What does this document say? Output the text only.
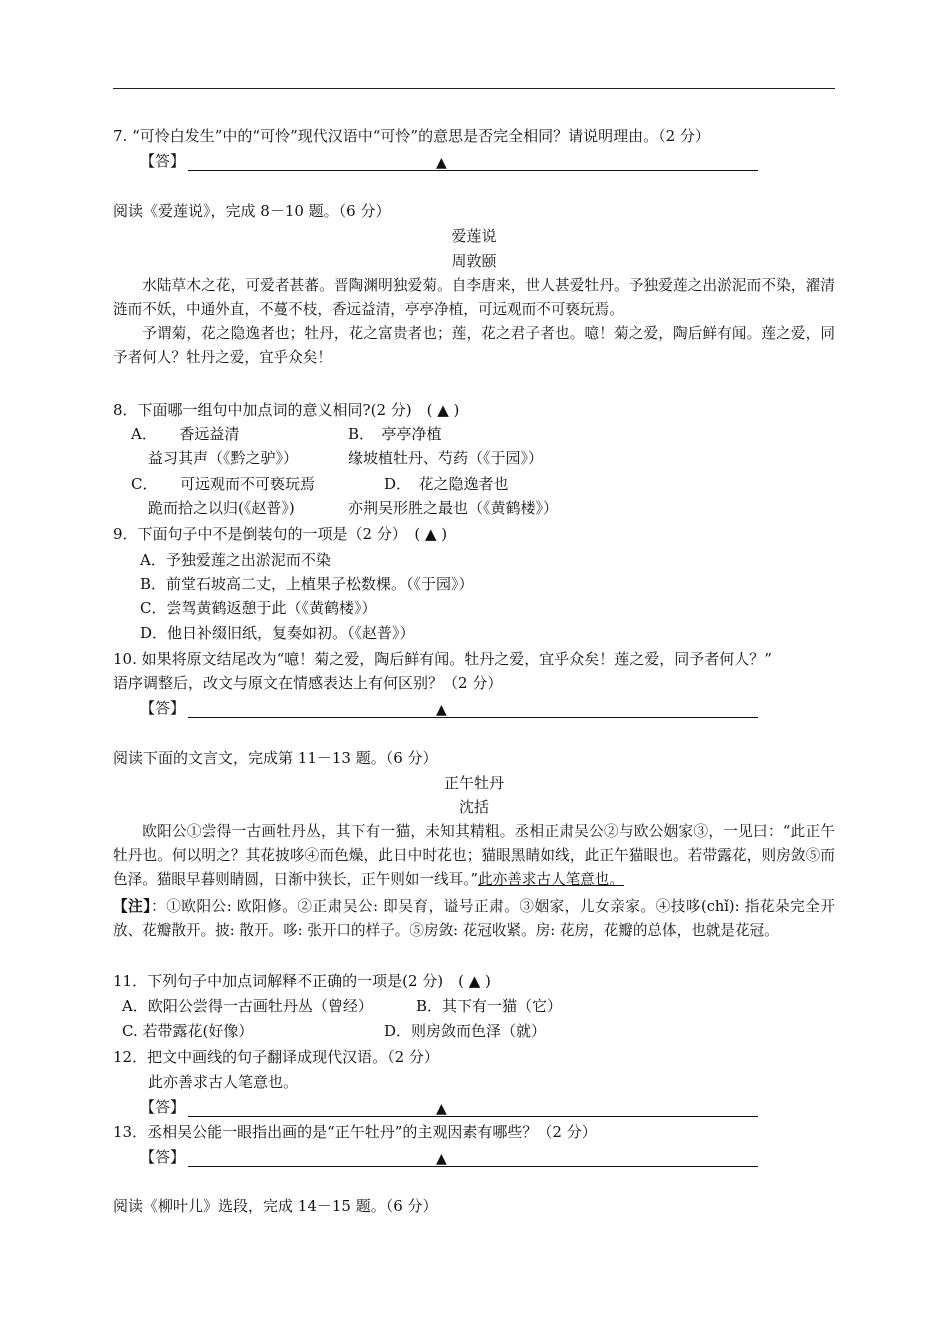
7. “可怜白发生”中的“可怜”现代汉语中“可怜”的意思是否完全相同？请说明理由。（2 分）
【答】	▲
阅读《爱莲说》，完成 8－10 题。（6 分）
爱莲说
周敦颐
水陆草木之花，可爱者甚蕃。晋陶渊明独爱菊。自李唐来，世人甚爱牡丹。予独爱莲之出淤泥而不染，濯清涟而不妖，中通外直，不蔓不枝，香远益清，亭亭净植，可远观而不可亵玩焉。
予谓菊，花之隐逸者也；牡丹，花之富贵者也；莲，花之君子者也。噫！菊之爱，陶后鲜有闻。莲之爱，同予者何人？牡丹之爱，宜乎众矣！
8．下面哪一组句中加点词的意义相同?(2 分)　( ▲ )
A．　　香远益清	B．　亭亭净植
益习其声（《黔之驴》）	缘坡植牡丹、芍药（《于园》）
C．　　可远观而不可亵玩焉	D．　花之隐逸者也
跪而拾之以归(《赵普》)	亦荆吴形胜之最也（《黄鹤楼》）
9．下面句子中不是倒装句的一项是（2 分）　( ▲ )
A．予独爱莲之出淤泥而不染
B．前堂石坡高二丈，上植果子松数棵。（《于园》）
C．尝驾黄鹤返憩于此（《黄鹤楼》）
D．他日补缀旧纸，复奏如初。（《赵普》）
10. 如果将原文结尾改为“噫！菊之爱，陶后鲜有闻。牡丹之爱，宜乎众矣！莲之爱，同予者何人？”
语序调整后，改文与原文在情感表达上有何区别？（2 分）
【答】	▲
阅读下面的文言文，完成第 11－13 题。（6 分）
正午牡丹
沈括
欧阳公①尝得一古画牡丹丛，其下有一猫，未知其精粗。丞相正肃吴公②与欧公姻家③，一见曰：“此正午牡丹也。何以明之？其花披哆④而色燥，此日中时花也；猫眼黑睛如线，此正午猫眼也。若带露花，则房敛⑤而色泽。猫眼早暮则睛圆，日渐中狭长，正午则如一线耳。”此亦善求古人笔意也。
【注】：①欧阳公: 欧阳修。②正肃吴公: 即吴育，谥号正肃。③姻家，儿女亲家。④技哆(chǐ): 指花朵完全开放、花瓣散开。披: 散开。哆: 张开口的样子。⑤房敛: 花冠收紧。房: 花房，花瓣的总体，也就是花冠。
11．下列句子中加点词解释不正确的一项是(2 分)　( ▲ )
A．欧阳公尝得一古画牡丹丛（曾经）	B．其下有一猫（它）
C. 若带露花(好像）	D．则房敛而色泽（就）
12．把文中画线的句子翻译成现代汉语。（2 分）
此亦善求古人笔意也。
【答】	▲
13．丞相吴公能一眼指出画的是“正午牡丹”的主观因素有哪些？（2 分）
【答】	▲
阅读《柳叶儿》选段，完成 14－15 题。（6 分）
